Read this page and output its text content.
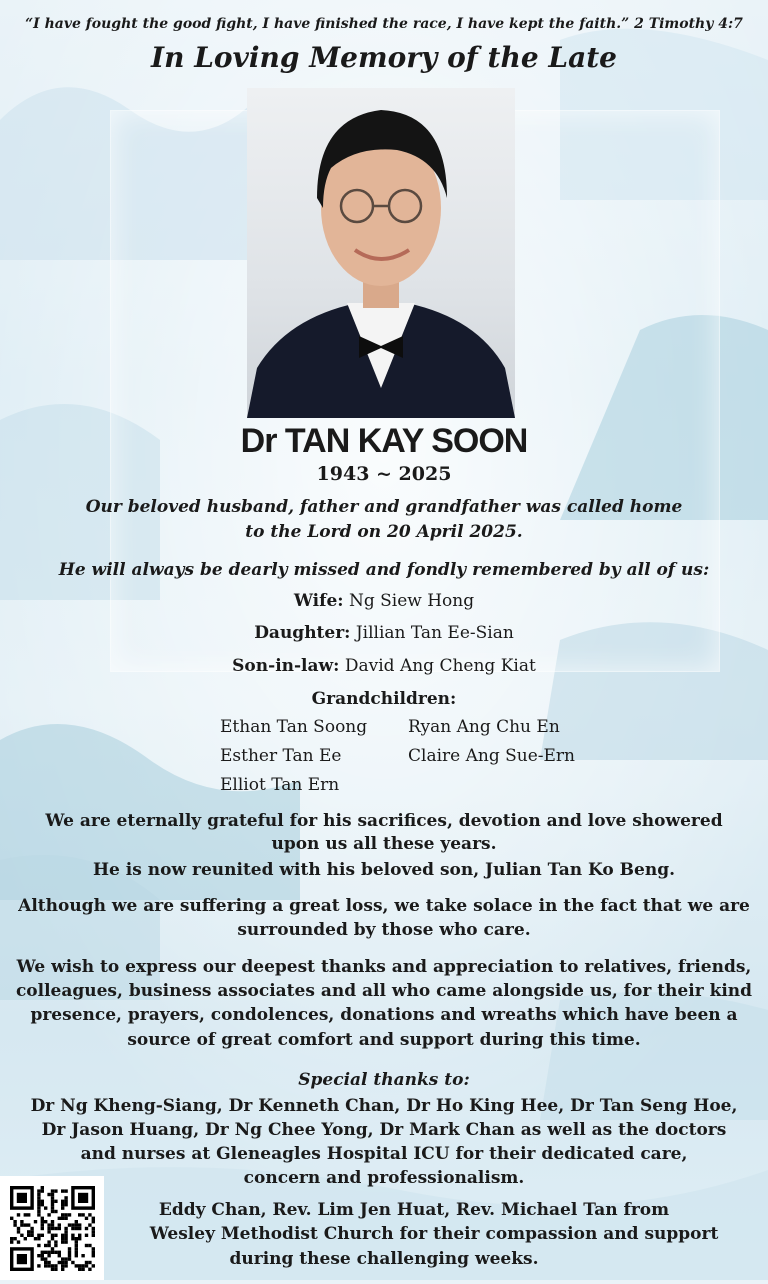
“I have fought the good fight, I have finished the race, I have kept the faith.” 2 Timothy 4:7
In Loving Memory of the Late
Dr TAN KAY SOON
1943 ~ 2025
Our beloved husband, father and grandfather was called home
to the Lord on 20 April 2025.
He will always be dearly missed and fondly remembered by all of us:
Wife: Ng Siew Hong
Daughter: Jillian Tan Ee-Sian
Son-in-law: David Ang Cheng Kiat
Grandchildren:
Ethan Tan Soong
Esther Tan Ee
Elliot Tan Ern
Ryan Ang Chu En
Claire Ang Sue-Ern
We are eternally grateful for his sacrifices, devotion and love showered
upon us all these years.
He is now reunited with his beloved son, Julian Tan Ko Beng.
Although we are suffering a great loss, we take solace in the fact that we are
surrounded by those who care.
We wish to express our deepest thanks and appreciation to relatives, friends,
colleagues, business associates and all who came alongside us, for their kind
presence, prayers, condolences, donations and wreaths which have been a
source of great comfort and support during this time.
Special thanks to:
Dr Ng Kheng-Siang, Dr Kenneth Chan, Dr Ho King Hee, Dr Tan Seng Hoe,
Dr Jason Huang, Dr Ng Chee Yong, Dr Mark Chan as well as the doctors
and nurses at Gleneagles Hospital ICU for their dedicated care,
concern and professionalism.
Eddy Chan, Rev. Lim Jen Huat, Rev. Michael Tan from
Wesley Methodist Church for their compassion and support
during these challenging weeks.
